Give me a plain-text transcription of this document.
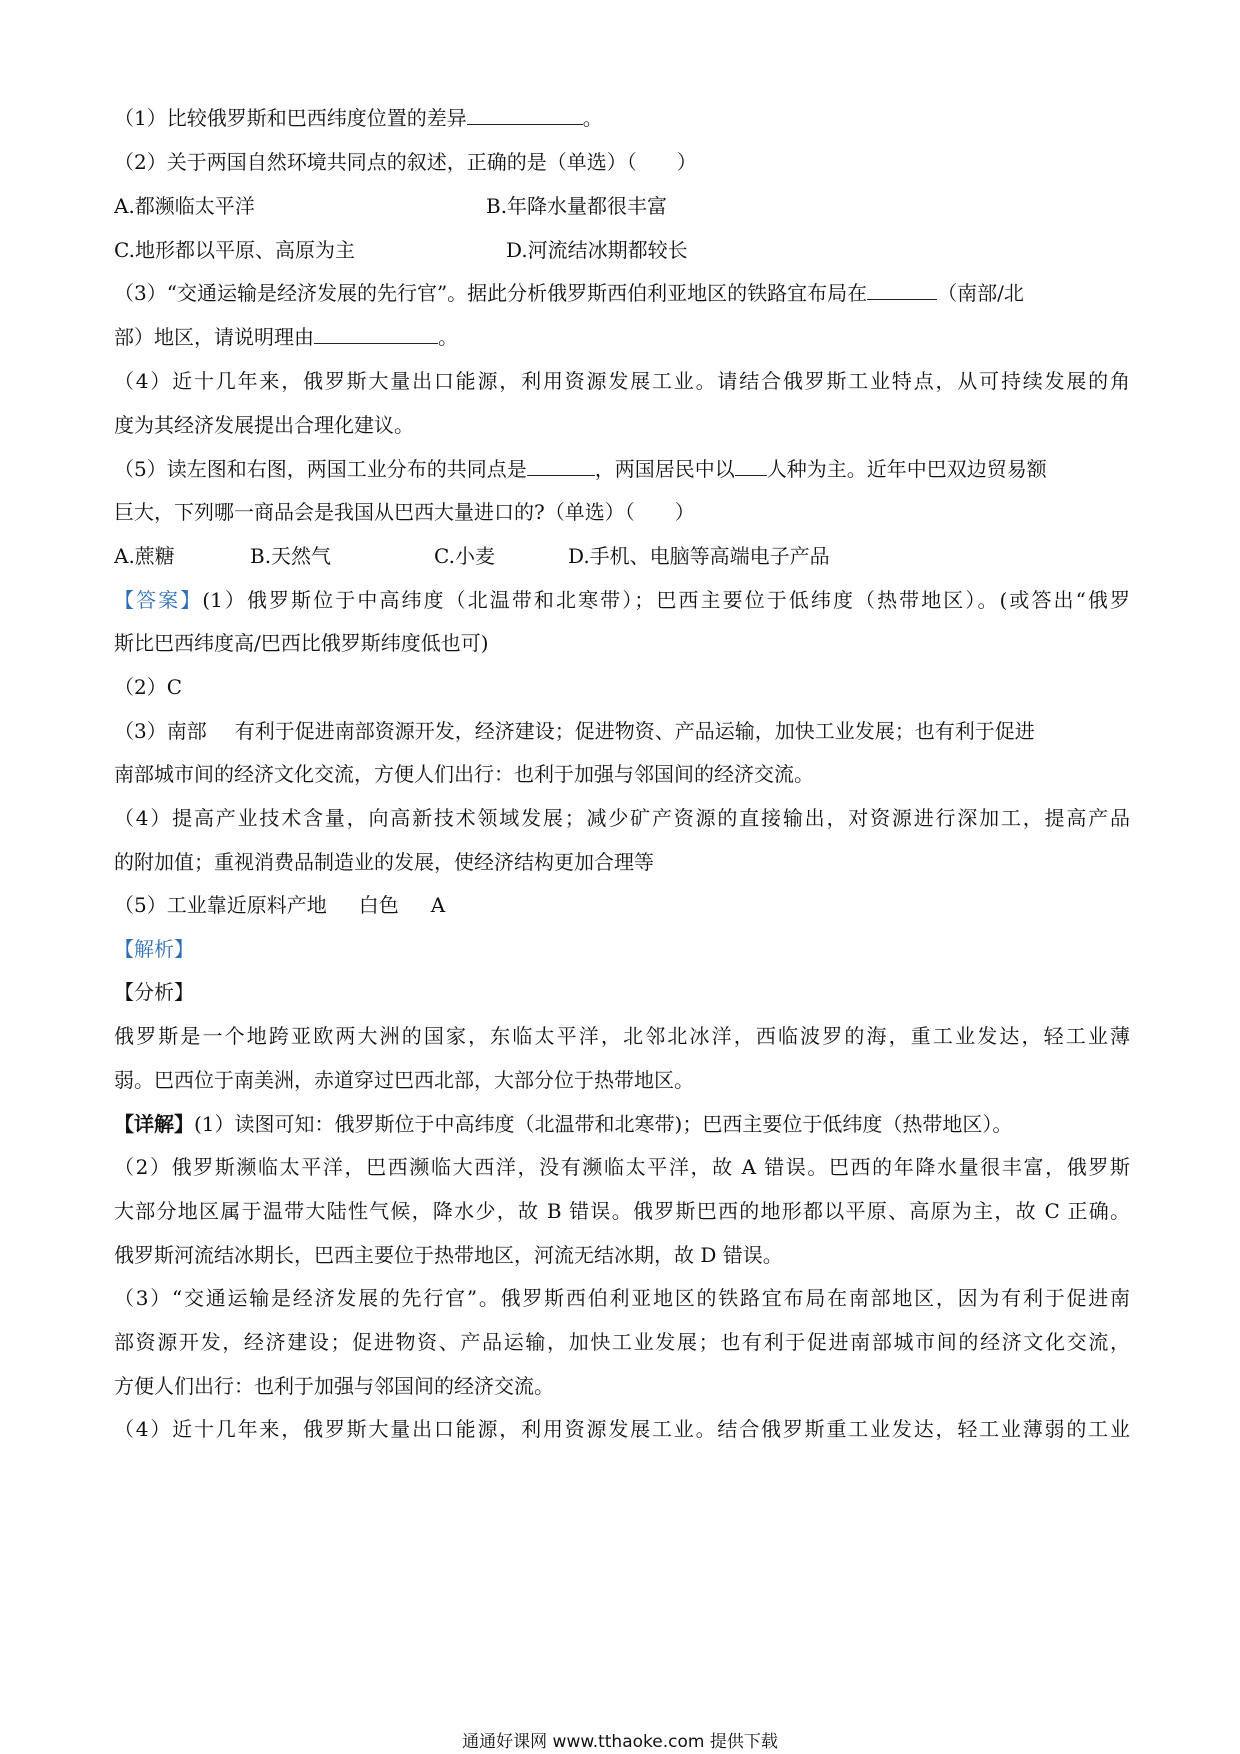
（1）比较俄罗斯和巴西纬度位置的差异	。
（2）关于两国自然环境共同点的叙述，正确的是（单选）（　　）
A.都濒临太平洋	B.年降水量都很丰富
C.地形都以平原、高原为主	D.河流结冰期都较长
（3）“交通运输是经济发展的先行官”。据此分析俄罗斯西伯利亚地区的铁路宜布局在	（南部/北
部）地区，请说明理由	。
（4）近十几年来，俄罗斯大量出口能源，利用资源发展工业。请结合俄罗斯工业特点，从可持续发展的角
度为其经济发展提出合理化建议。
（5）读左图和右图，两国工业分布的共同点是	，两国居民中以 人种为主。近年中巴双边贸易额
巨大，下列哪一商品会是我国从巴西大量进口的?（单选）（　　）
A.蔗糖	B.天然气	C.小麦	D.手机、电脑等高端电子产品
【答案】(1）俄罗斯位于中高纬度（北温带和北寒带）；巴西主要位于低纬度（热带地区）。(或答出“俄罗
斯比巴西纬度高/巴西比俄罗斯纬度低也可)
（2）C
（3）南部 有利于促进南部资源开发，经济建设；促进物资、产品运输，加快工业发展；也有利于促进
南部城市间的经济文化交流，方便人们出行：也利于加强与邻国间的经济交流。
（4）提高产业技术含量，向高新技术领域发展；减少矿产资源的直接输出，对资源进行深加工，提高产品
的附加值；重视消费品制造业的发展，使经济结构更加合理等
（5）工业靠近原料产地 白色 A
【解析】
【分析】
俄罗斯是一个地跨亚欧两大洲的国家，东临太平洋，北邻北冰洋，西临波罗的海，重工业发达，轻工业薄
弱。巴西位于南美洲，赤道穿过巴西北部，大部分位于热带地区。
【详解】(1）读图可知：俄罗斯位于中高纬度（北温带和北寒带)；巴西主要位于低纬度（热带地区）。
（2）俄罗斯濒临太平洋，巴西濒临大西洋，没有濒临太平洋，故 A 错误。巴西的年降水量很丰富，俄罗斯
大部分地区属于温带大陆性气候，降水少，故 B 错误。俄罗斯巴西的地形都以平原、高原为主，故 C 正确。
俄罗斯河流结冰期长，巴西主要位于热带地区，河流无结冰期，故 D 错误。
（3）“交通运输是经济发展的先行官”。俄罗斯西伯利亚地区的铁路宜布局在南部地区，因为有利于促进南
部资源开发，经济建设；促进物资、产品运输，加快工业发展；也有利于促进南部城市间的经济文化交流，
方便人们出行：也利于加强与邻国间的经济交流。
（4）近十几年来，俄罗斯大量出口能源，利用资源发展工业。结合俄罗斯重工业发达，轻工业薄弱的工业
通通好课网 www.tthaoke.com 提供下载
